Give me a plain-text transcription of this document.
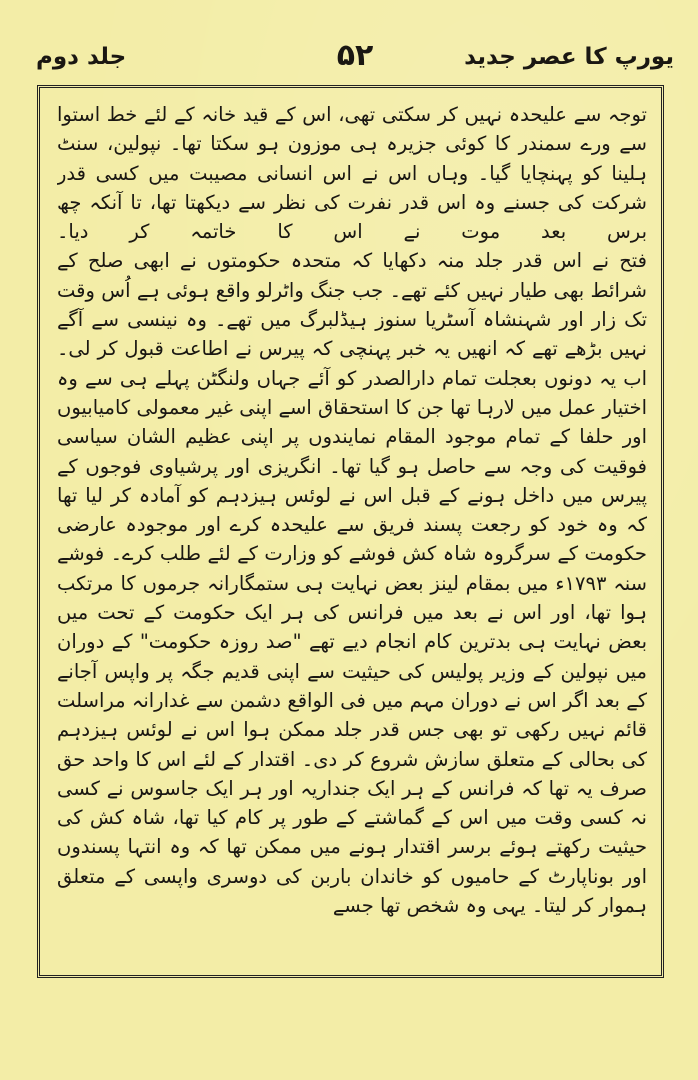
یورپ کا عصر جدید
۵۲
جلد دوم

توجہ سے علیحدہ نہیں کر سکتی تھی، اس کے قید خانہ کے لئے خط استوا سے ورے سمندر کا کوئی جزیرہ ہی موزون ہو سکتا تھا۔ نپولین، سنٹ ہلینا کو پہنچایا گیا۔ وہاں اس نے اس انسانی مصیبت میں کسی قدر شرکت کی جسنے وہ اس قدر نفرت کی نظر سے دیکھتا تھا، تا آنکہ چھ برس بعد موت نے اس کا خاتمہ کر دیا۔

فتح نے اس قدر جلد منہ دکھایا کہ متحدہ حکومتوں نے ابھی صلح کے شرائط بھی طیار نہیں کئے تھے۔ جب جنگ واٹرلو واقع ہوئی ہے اُس وقت تک زار اور شہنشاہ آسٹریا سنوز ہیڈلبرگ میں تھے۔ وہ نینسی سے آگے نہیں بڑھے تھے کہ انھیں یہ خبر پہنچی کہ پیرس نے اطاعت قبول کر لی۔ اب یہ دونوں بعجلت تمام دارالصدر کو آئے جہاں ولنگٹن پہلے ہی سے وہ اختیار عمل میں لارہا تھا جن کا استحقاق اسے اپنی غیر معمولی کامیابیوں اور حلفا کے تمام موجود المقام نمایندوں پر اپنی عظیم الشان سیاسی فوقیت کی وجہ سے حاصل ہو گیا تھا۔ انگریزی اور پرشیاوی فوجوں کے پیرس میں داخل ہونے کے قبل اس نے لوئس ہیزدہم کو آمادہ کر لیا تھا کہ وہ خود کو رجعت پسند فریق سے علیحدہ کرے اور موجودہ عارضی حکومت کے سرگروہ شاہ کش فوشے کو وزارت کے لئے طلب کرے۔ فوشے سنہ ۱۷۹۳ء میں بمقام لینز بعض نہایت ہی ستمگارانہ جرموں کا مرتکب ہوا تھا، اور اس نے بعد میں فرانس کی ہر ایک حکومت کے تحت میں بعض نہایت ہی بدترین کام انجام دیے تھے "صد روزہ حکومت" کے دوران میں نپولین کے وزیر پولیس کی حیثیت سے اپنی قدیم جگہ پر واپس آجانے کے بعد اگر اس نے دوران مہم میں فی الواقع دشمن سے غدارانہ مراسلت قائم نہیں رکھی تو بھی جس قدر جلد ممکن ہوا اس نے لوئس ہیزدہم کی بحالی کے متعلق سازش شروع کر دی۔ اقتدار کے لئے اس کا واحد حق صرف یہ تھا کہ فرانس کے ہر ایک جنداریہ اور ہر ایک جاسوس نے کسی نہ کسی وقت میں اس کے گماشتے کے طور پر کام کیا تھا، شاہ کش کی حیثیت رکھتے ہوئے برسر اقتدار ہونے میں ممکن تھا کہ وہ انتہا پسندوں اور بوناپارٹ کے حامیوں کو خاندان باربن کی دوسری واپسی کے متعلق ہموار کر لیتا۔ یہی وہ شخص تھا جسے
